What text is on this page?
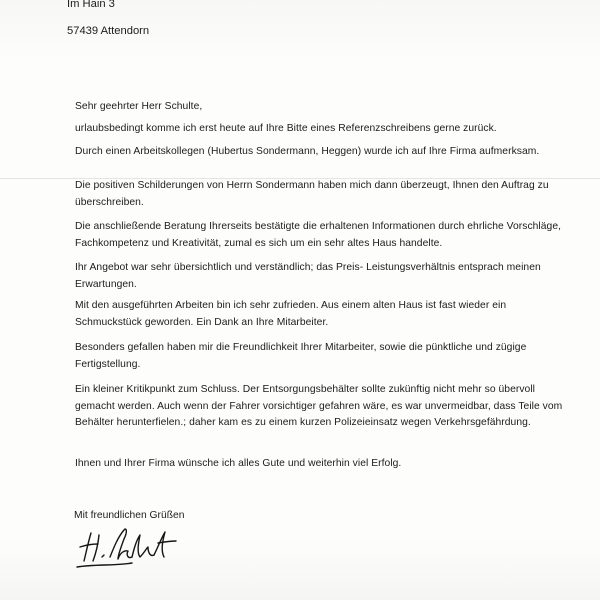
Im Hain 3
57439 Attendorn
Sehr geehrter Herr Schulte,
urlaubsbedingt komme ich erst heute auf Ihre Bitte eines Referenzschreibens gerne zurück.
Durch einen Arbeitskollegen (Hubertus Sondermann, Heggen) wurde ich auf Ihre Firma aufmerksam.
Die positiven Schilderungen von Herrn Sondermann haben mich dann überzeugt, Ihnen den Auftrag zu überschreiben.
Die anschließende Beratung Ihrerseits bestätigte die erhaltenen Informationen durch ehrliche Vorschläge, Fachkompetenz und Kreativität, zumal es sich um ein sehr altes Haus handelte.
Ihr Angebot war sehr übersichtlich und verständlich; das Preis- Leistungsverhältnis entsprach meinen Erwartungen.
Mit den ausgeführten Arbeiten bin ich sehr zufrieden. Aus einem alten Haus ist fast wieder ein Schmuckstück geworden. Ein Dank an Ihre Mitarbeiter.
Besonders gefallen haben mir die Freundlichkeit Ihrer Mitarbeiter, sowie die pünktliche und zügige Fertigstellung.
Ein kleiner Kritikpunkt zum Schluss. Der Entsorgungsbehälter sollte zukünftig nicht mehr so übervoll gemacht werden. Auch wenn der Fahrer vorsichtiger gefahren wäre, es war unvermeidbar, dass Teile vom Behälter herunterfielen.; daher kam es zu einem kurzen Polizeieinsatz wegen Verkehrsgefährdung.
Ihnen und Ihrer Firma wünsche ich alles Gute und weiterhin viel Erfolg.
Mit freundlichen Grüßen
